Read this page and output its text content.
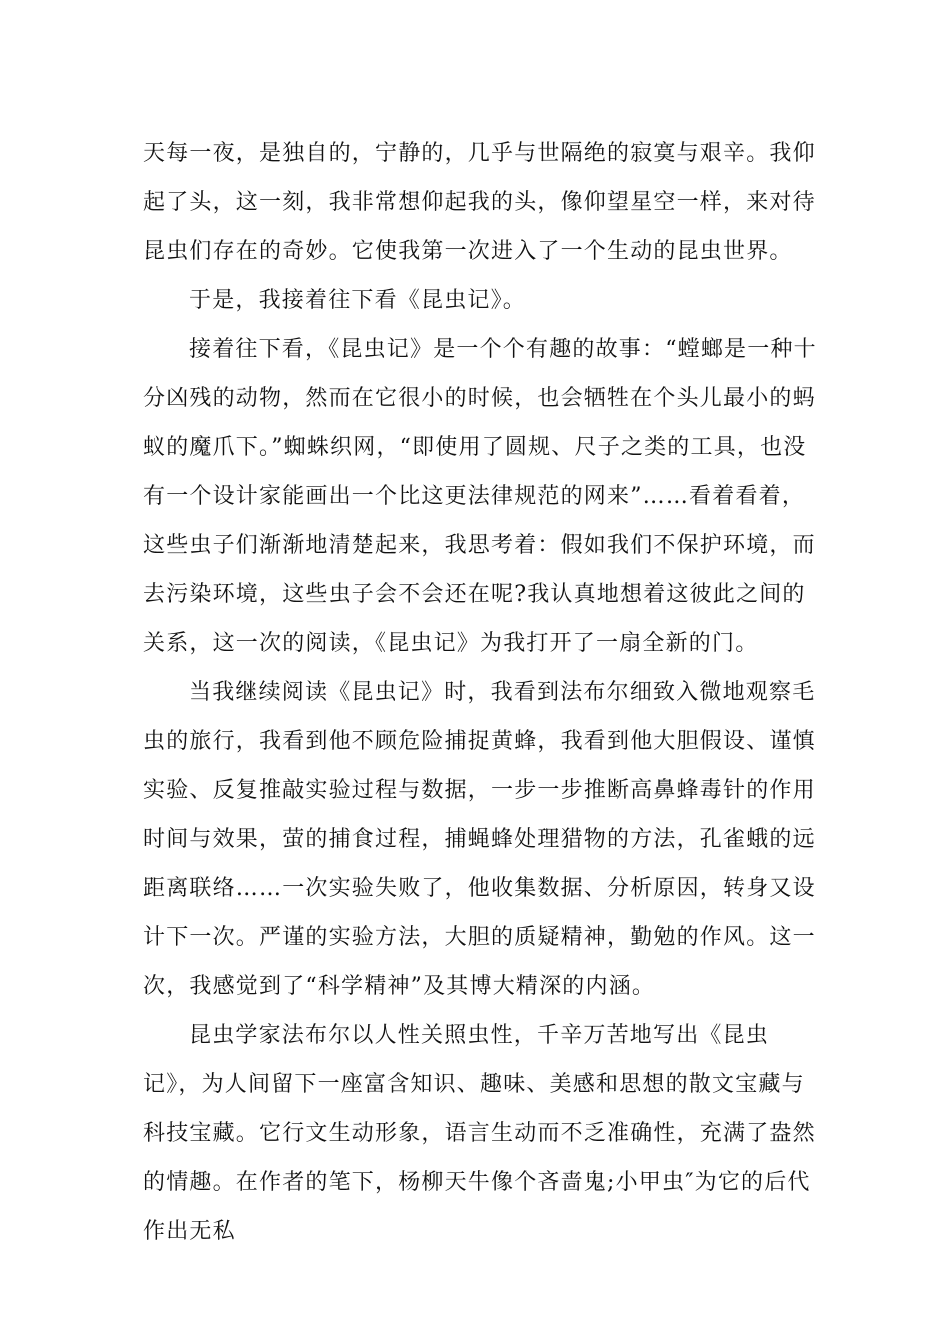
天每一夜，是独自的，宁静的，几乎与世隔绝的寂寞与艰辛。我仰起了头，这一刻，我非常想仰起我的头，像仰望星空一样，来对待昆虫们存在的奇妙。它使我第一次进入了一个生动的昆虫世界。

于是，我接着往下看《昆虫记》。

接着往下看，《昆虫记》是一个个有趣的故事：“螳螂是一种十分凶残的动物，然而在它很小的时候，也会牺牲在个头儿最小的蚂蚁的魔爪下。”蜘蛛织网，“即使用了圆规、尺子之类的工具，也没有一个设计家能画出一个比这更法律规范的网来”……看着看着，这些虫子们渐渐地清楚起来，我思考着：假如我们不保护环境，而去污染环境，这些虫子会不会还在呢?我认真地想着这彼此之间的关系，这一次的阅读，《昆虫记》为我打开了一扇全新的门。

当我继续阅读《昆虫记》时，我看到法布尔细致入微地观察毛虫的旅行，我看到他不顾危险捕捉黄蜂，我看到他大胆假设、谨慎实验、反复推敲实验过程与数据，一步一步推断高鼻蜂毒针的作用时间与效果，萤的捕食过程，捕蝇蜂处理猎物的方法，孔雀蛾的远距离联络……一次实验失败了，他收集数据、分析原因，转身又设计下一次。严谨的实验方法，大胆的质疑精神，勤勉的作风。这一次，我感觉到了“科学精神”及其博大精深的内涵。

昆虫学家法布尔以人性关照虫性，千辛万苦地写出《昆虫记》，为人间留下一座富含知识、趣味、美感和思想的散文宝藏与科技宝藏。它行文生动形象，语言生动而不乏准确性，充满了盎然的情趣。在作者的笔下，杨柳天牛像个吝啬鬼;小甲虫″为它的后代作出无私
